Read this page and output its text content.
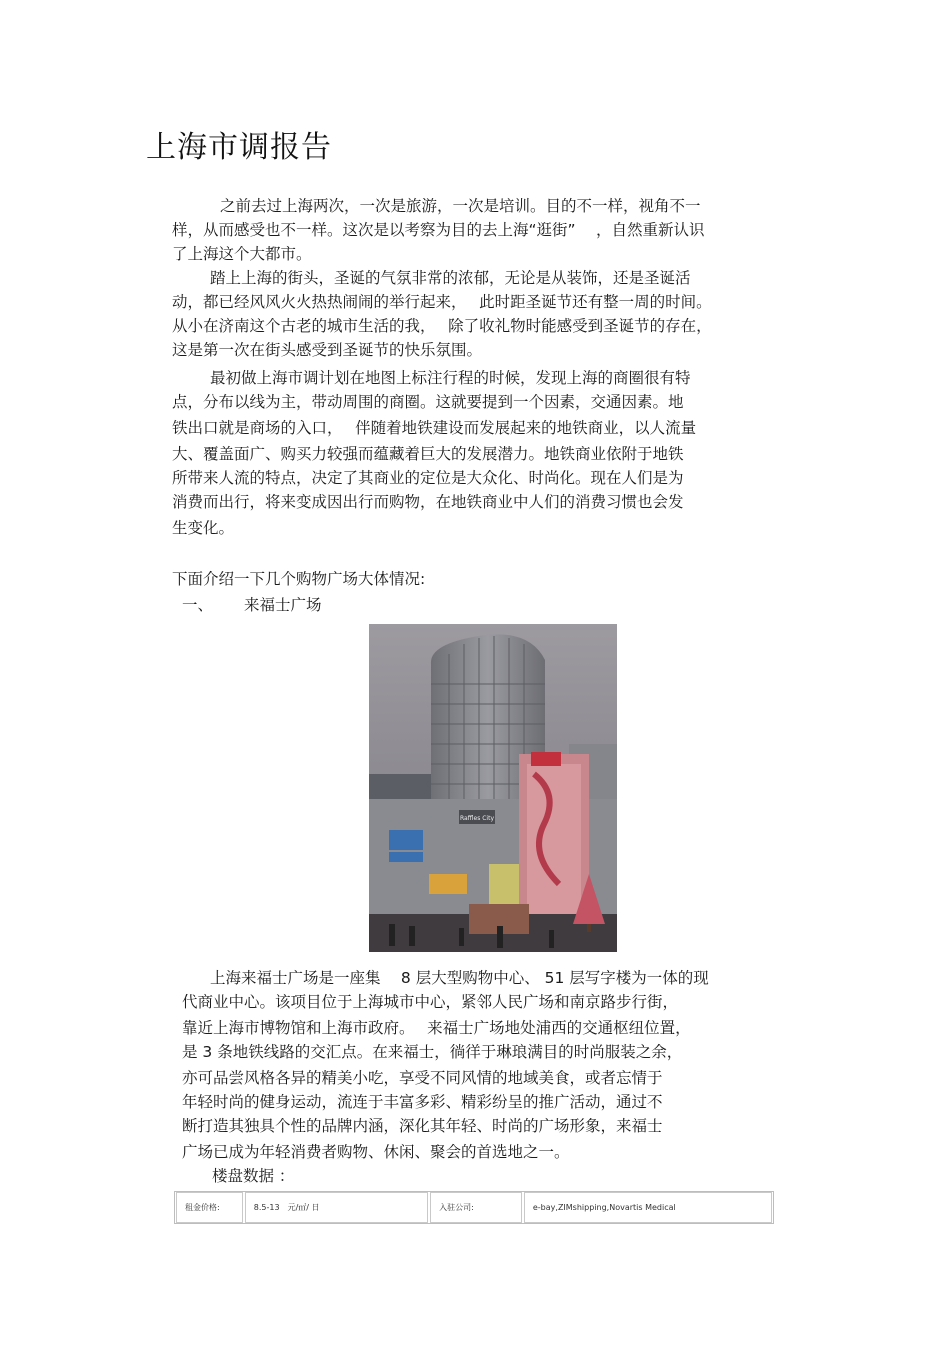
上海市调报告
之前去过上海两次，一次是旅游，一次是培训。目的不一样，视角不一
样，从而感受也不一样。这次是以考察为目的去上海“逛街”　 ，自然重新认识
了上海这个大都市。
踏上上海的街头，圣诞的气氛非常的浓郁，无论是从装饰，还是圣诞活
动，都已经风风火火热热闹闹的举行起来，　 此时距圣诞节还有整一周的时间。
从小在济南这个古老的城市生活的我，　 除了收礼物时能感受到圣诞节的存在，
这是第一次在街头感受到圣诞节的快乐氛围。
最初做上海市调计划在地图上标注行程的时候，发现上海的商圈很有特
点，分布以线为主，带动周围的商圈。这就要提到一个因素，交通因素。地
铁出口就是商场的入口，　 伴随着地铁建设而发展起来的地铁商业，以人流量
大、覆盖面广、购买力较强而蕴藏着巨大的发展潜力。地铁商业依附于地铁
所带来人流的特点，决定了其商业的定位是大众化、时尚化。现在人们是为
消费而出行，将来变成因出行而购物，在地铁商业中人们的消费习惯也会发
生变化。
下面介绍一下几个购物广场大体情况:
一、 来福士广场
Raffles City
上海来福士广场是一座集　 8 层大型购物中心、 51 层写字楼为一体的现
代商业中心。该项目位于上海城市中心，紧邻人民广场和南京路步行街，
靠近上海市博物馆和上海市政府。　 来福士广场地处浦西的交通枢纽位置，
是 3 条地铁线路的交汇点。在来福士，徜徉于琳琅满目的时尚服装之余，
亦可品尝风格各异的精美小吃，享受不同风情的地域美食，或者忘情于
年轻时尚的健身运动，流连于丰富多彩、精彩纷呈的推广活动，通过不
断打造其独具个性的品牌内涵，深化其年轻、时尚的广场形象，来福士
广场已成为年轻消费者购物、休闲、聚会的首选地之一。
楼盘数据 ：
租金价格:	8.5-13　元/㎡/ 日	入驻公司:	e-bay,ZIMshipping,Novartis Medical
